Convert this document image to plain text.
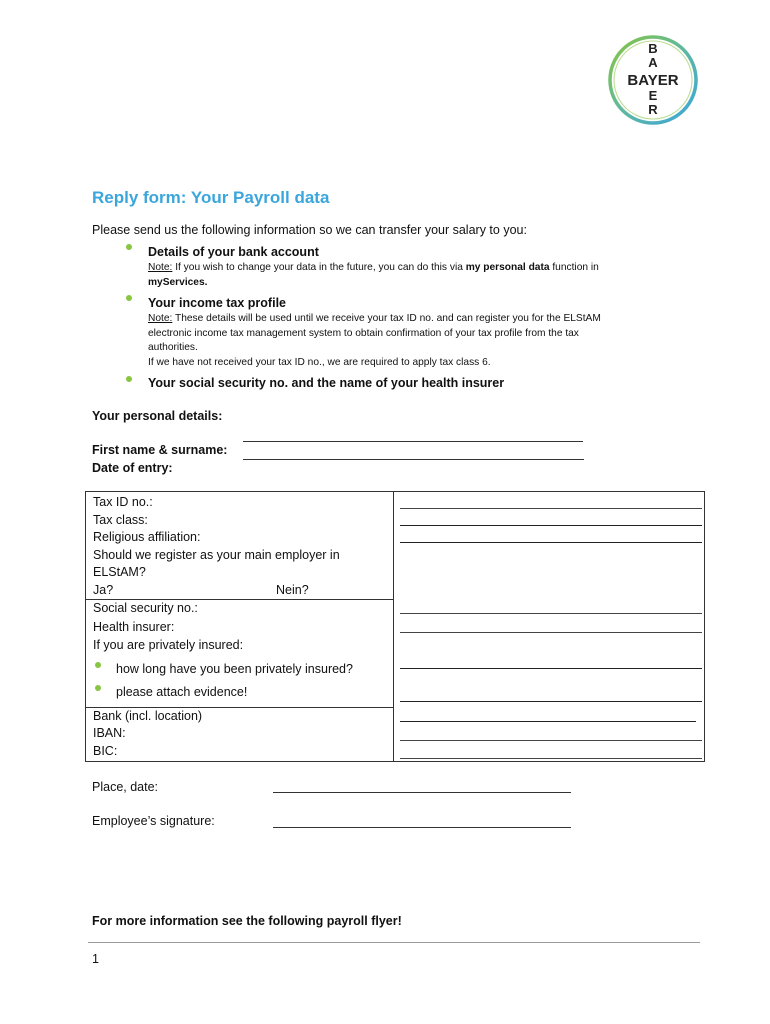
B
A
BAYER
E
R
Reply form: Your Payroll data
Please send us the following information so we can transfer your salary to you:
Details of your bank account
Note: If you wish to change your data in the future, you can do this via my personal data function in
myServices.
Your income tax profile
Note: These details will be used until we receive your tax ID no. and can register you for the ELStAM
electronic income tax management system to obtain confirmation of your tax profile from the tax
authorities.
If we have not received your tax ID no., we are required to apply tax class 6.
Your social security no. and the name of your health insurer
Your personal details:
First name & surname:
Date of entry:
Tax ID no.:
Tax class:
Religious affiliation:
Should we register as your main employer in
ELStAM?
Ja?	Nein?
Social security no.:
Health insurer:
If you are privately insured:
how long have you been privately insured?
please attach evidence!
Bank (incl. location)
IBAN:
BIC:
Place, date:
Employee’s signature:
For more information see the following payroll flyer!
1
